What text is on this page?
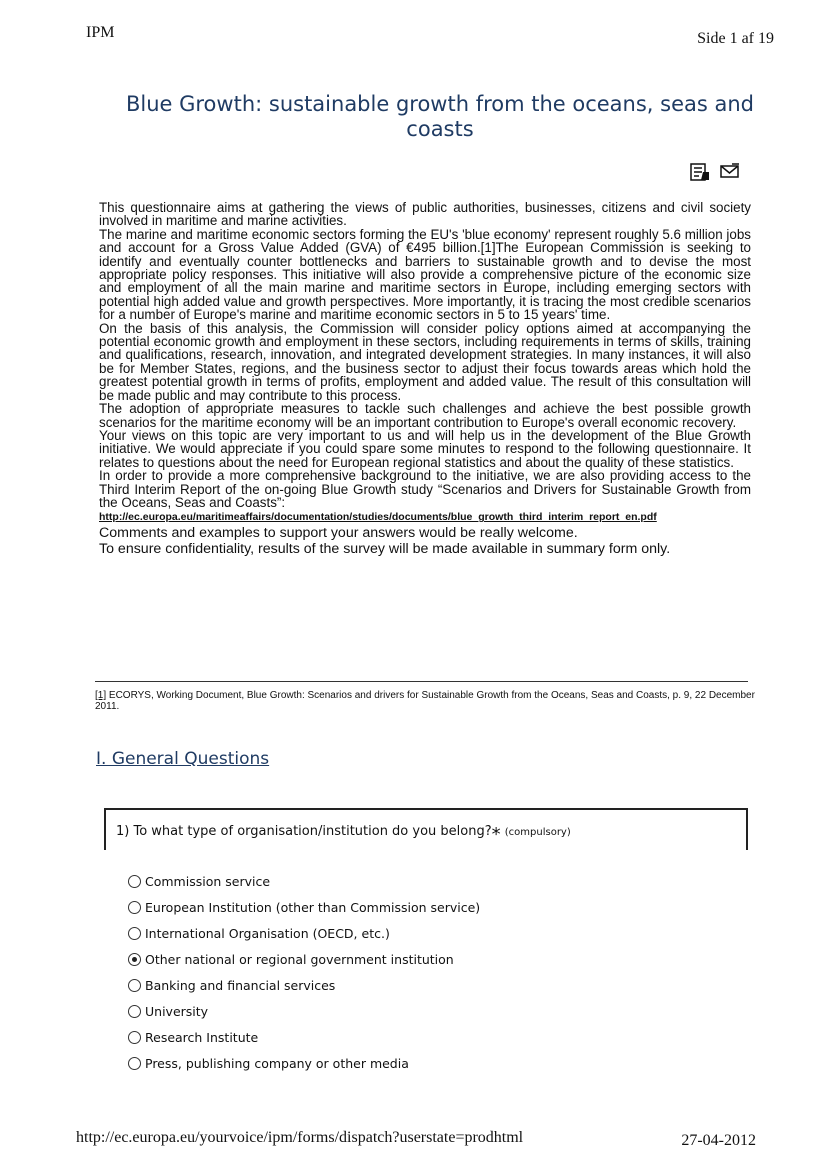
IPM	Side 1 af 19
Blue Growth: sustainable growth from the oceans, seas and coasts

This questionnaire aims at gathering the views of public authorities, businesses, citizens and civil society involved in maritime and marine activities.

The marine and maritime economic sectors forming the EU's 'blue economy' represent roughly 5.6 million jobs and account for a Gross Value Added (GVA) of €495 billion.[1]The European Commission is seeking to identify and eventually counter bottlenecks and barriers to sustainable growth and to devise the most appropriate policy responses. This initiative will also provide a comprehensive picture of the economic size and employment of all the main marine and maritime sectors in Europe, including emerging sectors with potential high added value and growth perspectives. More importantly, it is tracing the most credible scenarios for a number of Europe's marine and maritime economic sectors in 5 to 15 years' time.

On the basis of this analysis, the Commission will consider policy options aimed at accompanying the potential economic growth and employment in these sectors, including requirements in terms of skills, training and qualifications, research, innovation, and integrated development strategies. In many instances, it will also be for Member States, regions, and the business sector to adjust their focus towards areas which hold the greatest potential growth in terms of profits, employment and added value. The result of this consultation will be made public and may contribute to this process.

The adoption of appropriate measures to tackle such challenges and achieve the best possible growth scenarios for the maritime economy will be an important contribution to Europe's overall economic recovery.

Your views on this topic are very important to us and will help us in the development of the Blue Growth initiative. We would appreciate if you could spare some minutes to respond to the following questionnaire. It relates to questions about the need for European regional statistics and about the quality of these statistics.

In order to provide a more comprehensive background to the initiative, we are also providing access to the Third Interim Report of the on-going Blue Growth study “Scenarios and Drivers for Sustainable Growth from the Oceans, Seas and Coasts”:

http://ec.europa.eu/maritimeaffairs/documentation/studies/documents/blue_growth_third_interim_report_en.pdf

Comments and examples to support your answers would be really welcome.

To ensure confidentiality, results of the survey will be made available in summary form only.

[1] ECORYS, Working Document, Blue Growth: Scenarios and drivers for Sustainable Growth from the Oceans, Seas and Coasts, p. 9, 22 December 2011.
I. General Questions
1) To what type of organisation/institution do you belong?* (compulsory)
Commission service
European Institution (other than Commission service)
International Organisation (OECD, etc.)
Other national or regional government institution
Banking and financial services
University
Research Institute
Press, publishing company or other media
http://ec.europa.eu/yourvoice/ipm/forms/dispatch?userstate=prodhtml	27-04-2012
